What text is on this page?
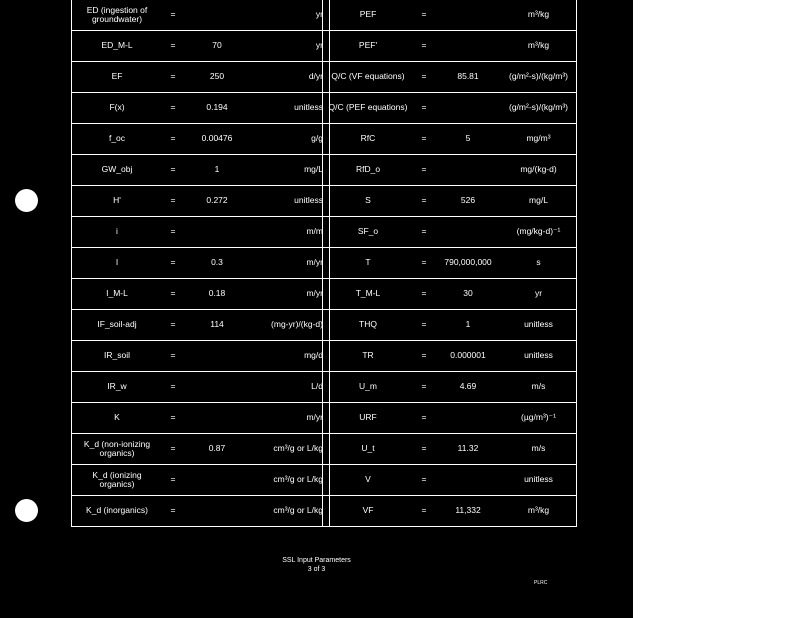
ED (ingestion of groundwater)	=		yr
ED_M-L	=	70	yr
EF	=	250	d/yr
F(x)	=	0.194	unitless
f_oc	=	0.00476	g/g
GW_obj	=	1	mg/L
H'	=	0.272	unitless
i	=		m/m
I	=	0.3	m/yr
I_M-L	=	0.18	m/yr
IF_soil-adj	=	114	(mg-yr)/(kg-d)
IR_soil	=		mg/d
IR_w	=		L/d
K	=		m/yr
K_d (non-ionizing organics)	=	0.87	cm³/g or L/kg
K_d (ionizing organics)	=		cm³/g or L/kg
K_d (inorganics)	=		cm³/g or L/kg
PEF	=		m³/kg
PEF'	=		m³/kg
Q/C (VF equations)	=	85.81	(g/m²-s)/(kg/m³)
Q/C (PEF equations)	=		(g/m²-s)/(kg/m³)
RfC	=	5	mg/m³
RfD_o	=		mg/(kg-d)
S	=	526	mg/L
SF_o	=		(mg/kg-d)⁻¹
T	=	790,000,000	s
T_M-L	=	30	yr
THQ	=	1	unitless
TR	=	0.000001	unitless
U_m	=	4.69	m/s
URF	=		(µg/m³)⁻¹
U_t	=	11.32	m/s
V	=		unitless
VF	=	11,332	m³/kg
SSL Input Parameters
3 of 3
PLRC
